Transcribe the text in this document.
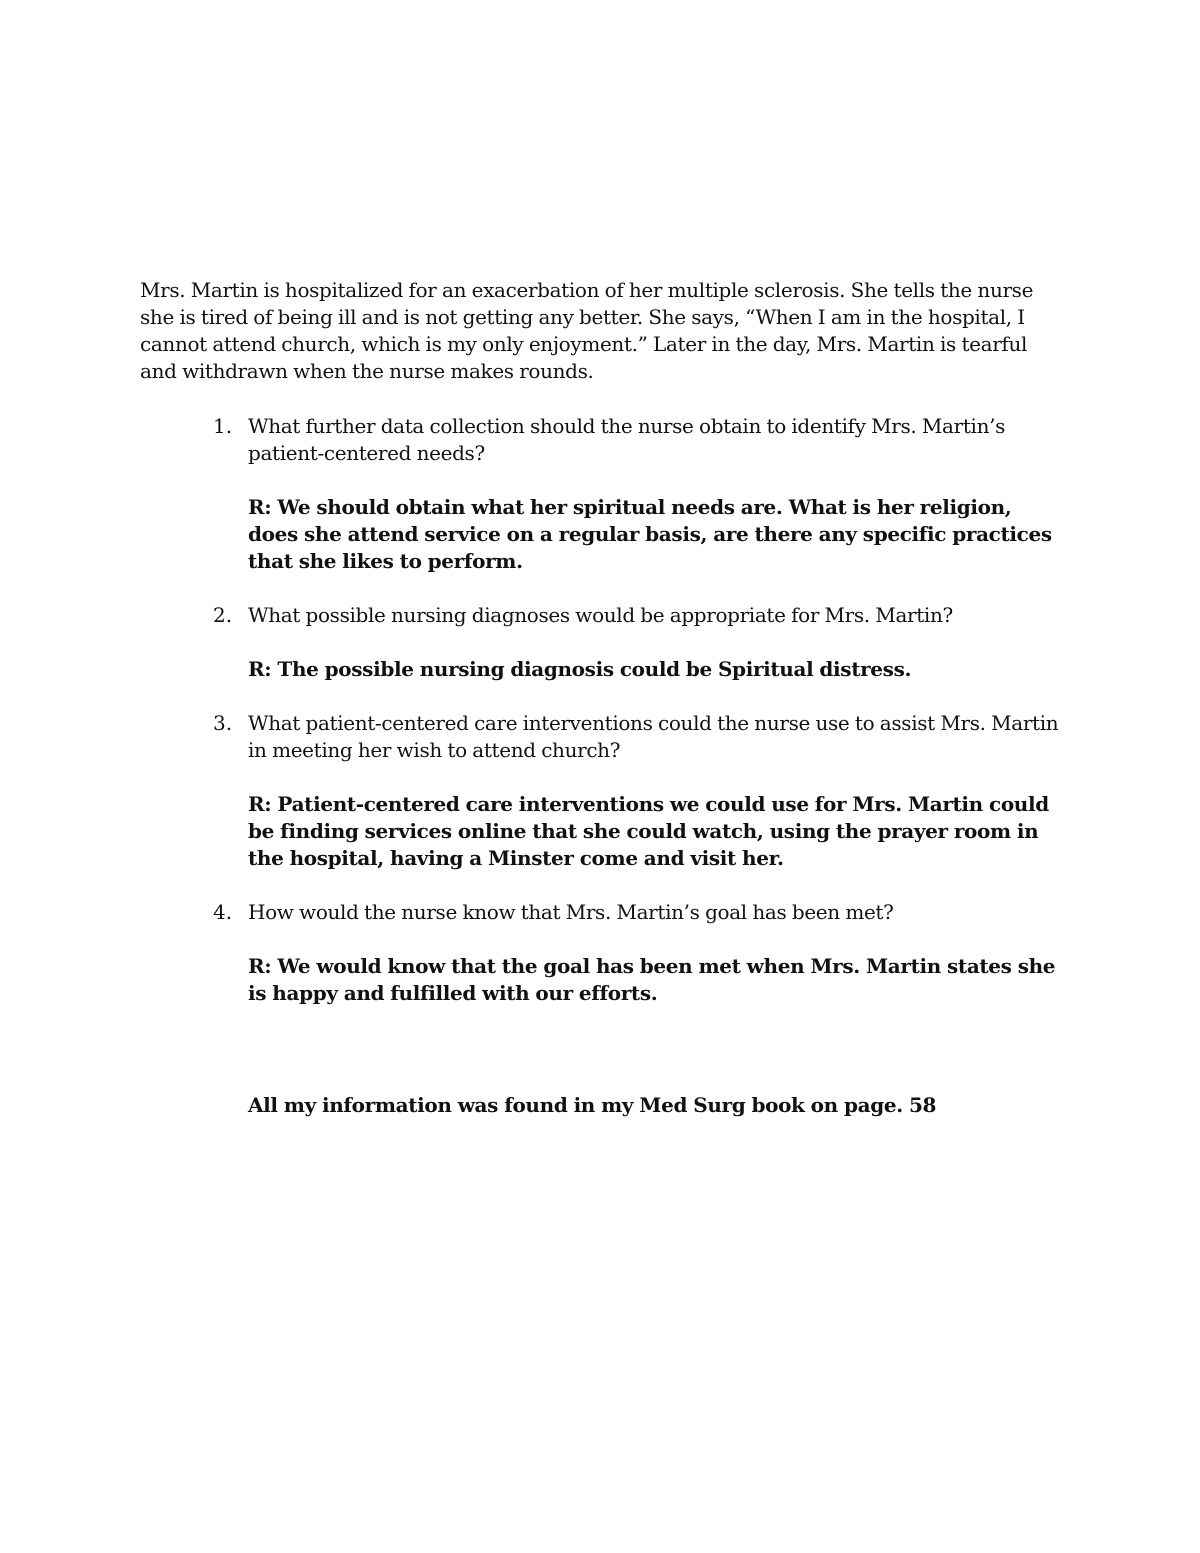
Mrs. Martin is hospitalized for an exacerbation of her multiple sclerosis. She tells the nurse she is tired of being ill and is not getting any better. She says, “When I am in the hospital, I cannot attend church, which is my only enjoyment.” Later in the day, Mrs. Martin is tearful and withdrawn when the nurse makes rounds.

1. What further data collection should the nurse obtain to identify Mrs. Martin’s patient-centered needs?
R: We should obtain what her spiritual needs are. What is her religion, does she attend service on a regular basis, are there any specific practices that she likes to perform.
2. What possible nursing diagnoses would be appropriate for Mrs. Martin?
R: The possible nursing diagnosis could be Spiritual distress.
3. What patient-centered care interventions could the nurse use to assist Mrs. Martin in meeting her wish to attend church?
R: Patient-centered care interventions we could use for Mrs. Martin could be finding services online that she could watch, using the prayer room in the hospital, having a Minster come and visit her.
4. How would the nurse know that Mrs. Martin’s goal has been met?
R: We would know that the goal has been met when Mrs. Martin states she is happy and fulfilled with our efforts.

All my information was found in my Med Surg book on page. 58
